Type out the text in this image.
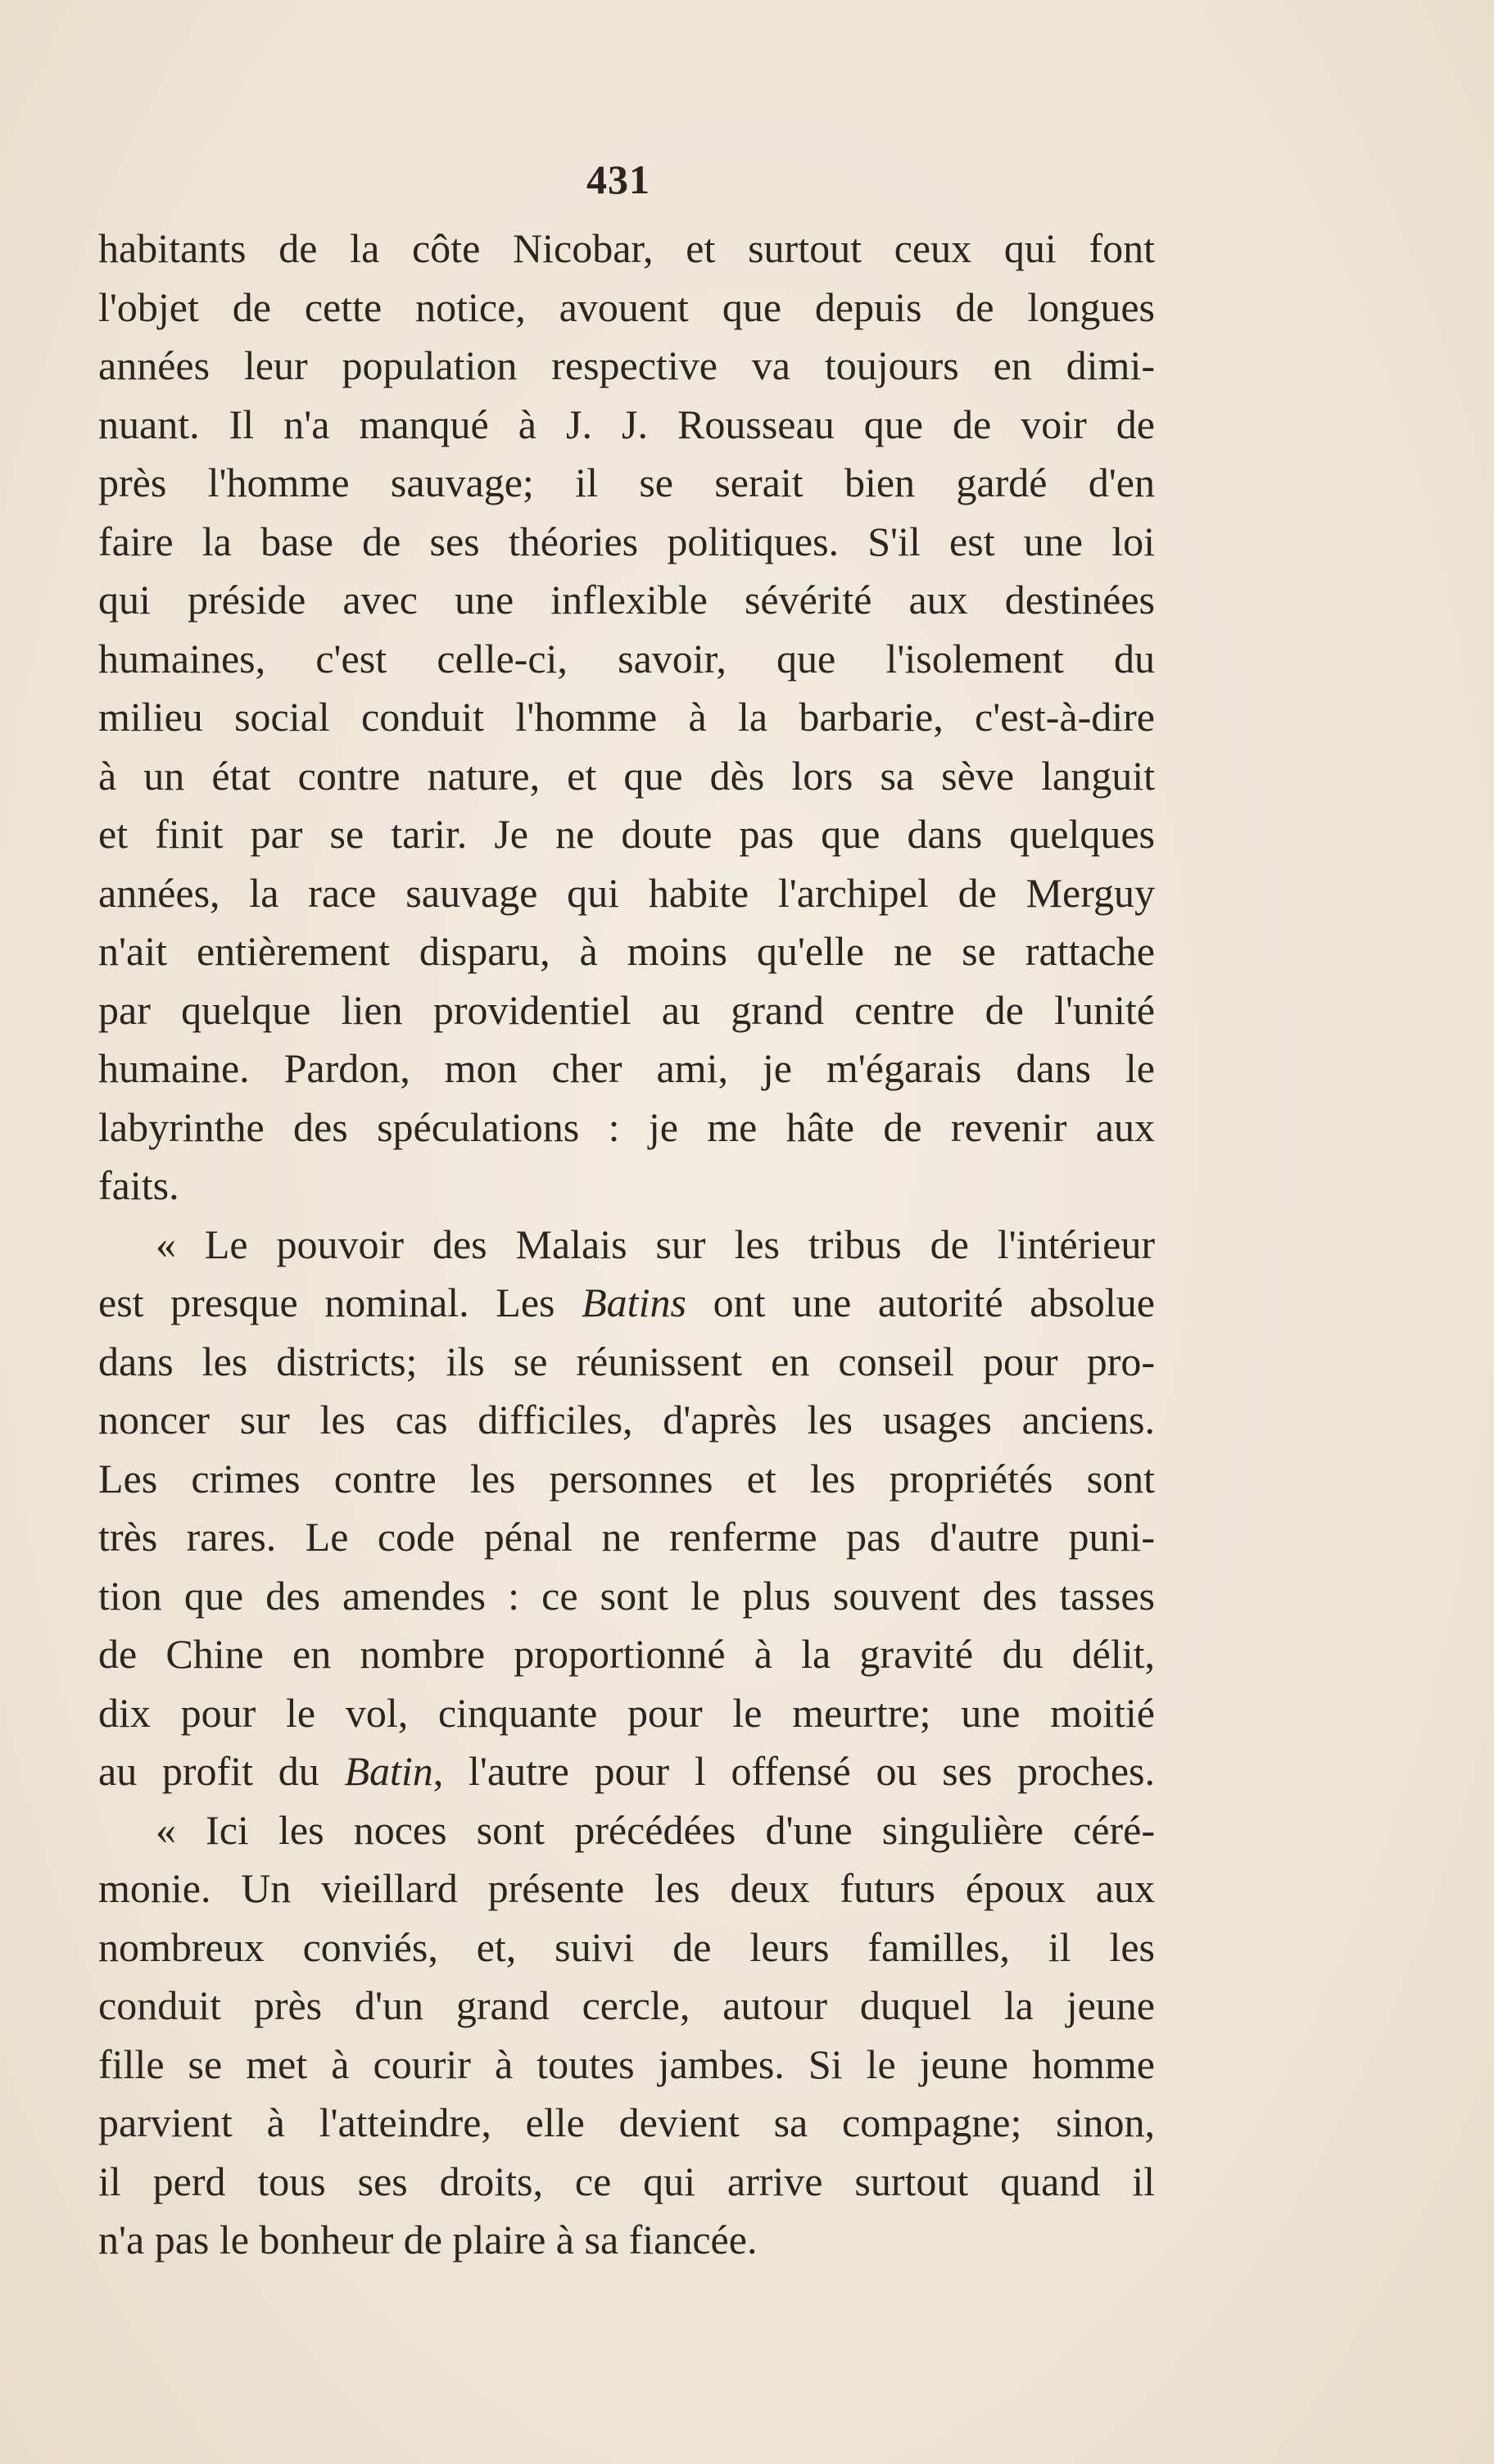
431
habitants de la côte Nicobar, et surtout ceux qui font
l'objet de cette notice, avouent que depuis de longues
années leur population respective va toujours en dimi-
nuant. Il n'a manqué à J. J. Rousseau que de voir de
près l'homme sauvage; il se serait bien gardé d'en
faire la base de ses théories politiques. S'il est une loi
qui préside avec une inflexible sévérité aux destinées
humaines, c'est celle-ci, savoir, que l'isolement du
milieu social conduit l'homme à la barbarie, c'est-à-dire
à un état contre nature, et que dès lors sa sève languit
et finit par se tarir. Je ne doute pas que dans quelques
années, la race sauvage qui habite l'archipel de Merguy
n'ait entièrement disparu, à moins qu'elle ne se rattache
par quelque lien providentiel au grand centre de l'unité
humaine. Pardon, mon cher ami, je m'égarais dans le
labyrinthe des spéculations : je me hâte de revenir aux
faits.
« Le pouvoir des Malais sur les tribus de l'intérieur
est presque nominal. Les Batins ont une autorité absolue
dans les districts; ils se réunissent en conseil pour pro-
noncer sur les cas difficiles, d'après les usages anciens.
Les crimes contre les personnes et les propriétés sont
très rares. Le code pénal ne renferme pas d'autre puni-
tion que des amendes : ce sont le plus souvent des tasses
de Chine en nombre proportionné à la gravité du délit,
dix pour le vol, cinquante pour le meurtre; une moitié
au profit du Batin, l'autre pour l offensé ou ses proches.
« Ici les noces sont précédées d'une singulière céré-
monie. Un vieillard présente les deux futurs époux aux
nombreux conviés, et, suivi de leurs familles, il les
conduit près d'un grand cercle, autour duquel la jeune
fille se met à courir à toutes jambes. Si le jeune homme
parvient à l'atteindre, elle devient sa compagne; sinon,
il perd tous ses droits, ce qui arrive surtout quand il
n'a pas le bonheur de plaire à sa fiancée.
